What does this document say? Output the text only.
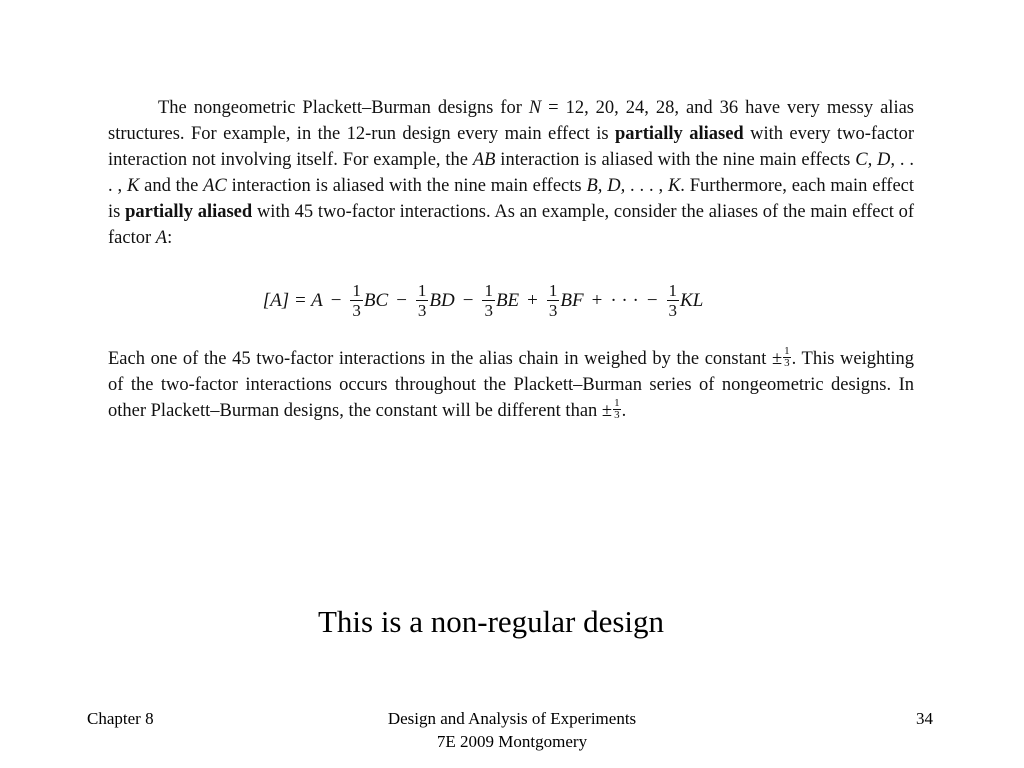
The nongeometric Plackett–Burman designs for N = 12, 20, 24, 28, and 36 have very messy alias structures. For example, in the 12-run design every main effect is partially aliased with every two-factor interaction not involving itself. For example, the AB interaction is aliased with the nine main effects C, D, . . . , K and the AC interaction is aliased with the nine main effects B, D, . . . , K. Furthermore, each main effect is partially aliased with 45 two-factor interactions. As an example, consider the aliases of the main effect of factor A:

$[A] = A - \frac{1}{3}$ BC − $\frac{1}{3}$ BD − $\frac{1}{3}$ BE + $\frac{1}{3}$ BF + · · · − $\frac{1}{3}$ KL

Each one of the 45 two-factor interactions in the alias chain in weighed by the constant ± $\frac{1}{3}$ . This weighting of the two-factor interactions occurs throughout the Plackett–Burman series of nongeometric designs. In other Plackett–Burman designs, the constant will be different than ± $\frac{1}{3}$ .

This is a non-regular design
Chapter 8	Design and Analysis of Experiments
7E 2009 Montgomery
34
